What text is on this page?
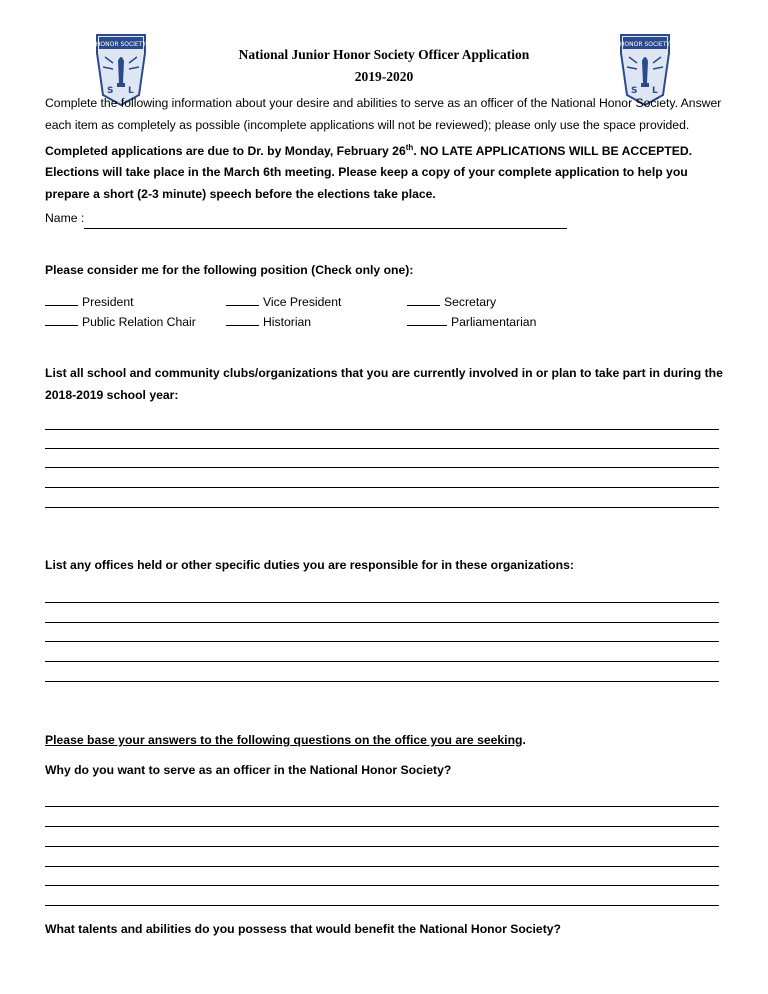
HONOR SOCIETY
S L
HONOR SOCIETY
S L
National Junior Honor Society Officer Application
2019-2020
Complete the following information about your desire and abilities to serve as an officer of the National Honor Society. Answer each item as completely as possible (incomplete applications will not be reviewed); please only use the space provided. Completed applications are due to Dr. by Monday, February 26th. NO LATE APPLICATIONS WILL BE ACCEPTED. Elections will take place in the March 6th meeting. Please keep a copy of your complete application to help you prepare a short (2-3 minute) speech before the elections take place.
Name :
Please consider me for the following position (Check only one):
President	Vice President	Secretary
Public Relation Chair	Historian	Parliamentarian
List all school and community clubs/organizations that you are currently involved in or plan to take part in during the 2018-2019 school year:
List any offices held or other specific duties you are responsible for in these organizations:
Please base your answers to the following questions on the office you are seeking.
Why do you want to serve as an officer in the National Honor Society?
What talents and abilities do you possess that would benefit the National Honor Society?
